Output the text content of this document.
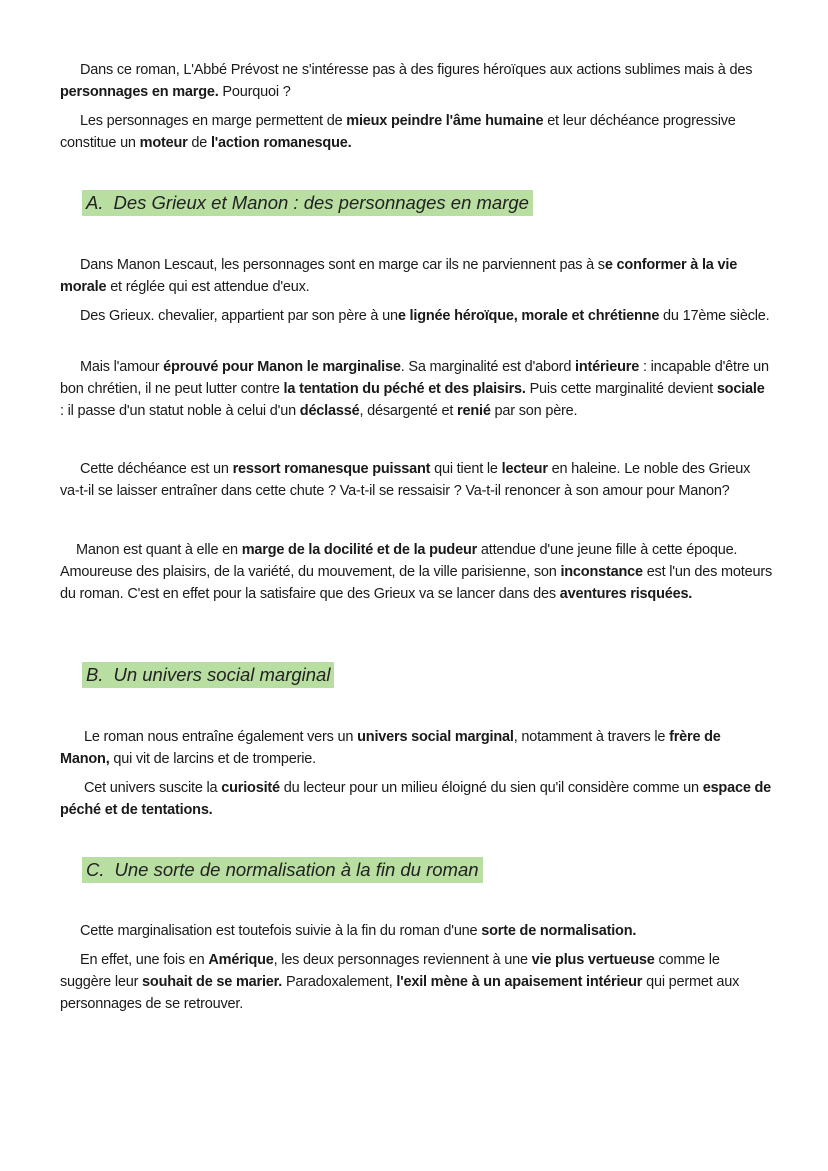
Dans ce roman, L'Abbé Prévost ne s'intéresse pas à des figures héroïques aux actions sublimes mais à des personnages en marge. Pourquoi ?

Les personnages en marge permettent de mieux peindre l'âme humaine et leur déchéance progressive constitue un moteur de l'action romanesque.

A. Des Grieux et Manon : des personnages en marge

Dans Manon Lescaut, les personnages sont en marge car ils ne parviennent pas à se conformer à la vie morale et réglée qui est attendue d'eux.

Des Grieux. chevalier, appartient par son père à une lignée héroïque, morale et chrétienne du 17ème siècle.

Mais l'amour éprouvé pour Manon le marginalise. Sa marginalité est d'abord intérieure : incapable d'être un bon chrétien, il ne peut lutter contre la tentation du péché et des plaisirs. Puis cette marginalité devient sociale : il passe d'un statut noble à celui d'un déclassé, désargenté et renié par son père.

Cette déchéance est un ressort romanesque puissant qui tient le lecteur en haleine. Le noble des Grieux va-t-il se laisser entraîner dans cette chute ? Va-t-il se ressaisir ? Va-t-il renoncer à son amour pour Manon?

Manon est quant à elle en marge de la docilité et de la pudeur attendue d'une jeune fille à cette époque. Amoureuse des plaisirs, de la variété, du mouvement, de la ville parisienne, son inconstance est l'un des moteurs du roman. C'est en effet pour la satisfaire que des Grieux va se lancer dans des aventures risquées.

B. Un univers social marginal

Le roman nous entraîne également vers un univers social marginal, notamment à travers le frère de Manon, qui vit de larcins et de tromperie.

Cet univers suscite la curiosité du lecteur pour un milieu éloigné du sien qu'il considère comme un espace de péché et de tentations.

C. Une sorte de normalisation à la fin du roman

Cette marginalisation est toutefois suivie à la fin du roman d'une sorte de normalisation.

En effet, une fois en Amérique, les deux personnages reviennent à une vie plus vertueuse comme le suggère leur souhait de se marier. Paradoxalement, l'exil mène à un apaisement intérieur qui permet aux personnages de se retrouver.
